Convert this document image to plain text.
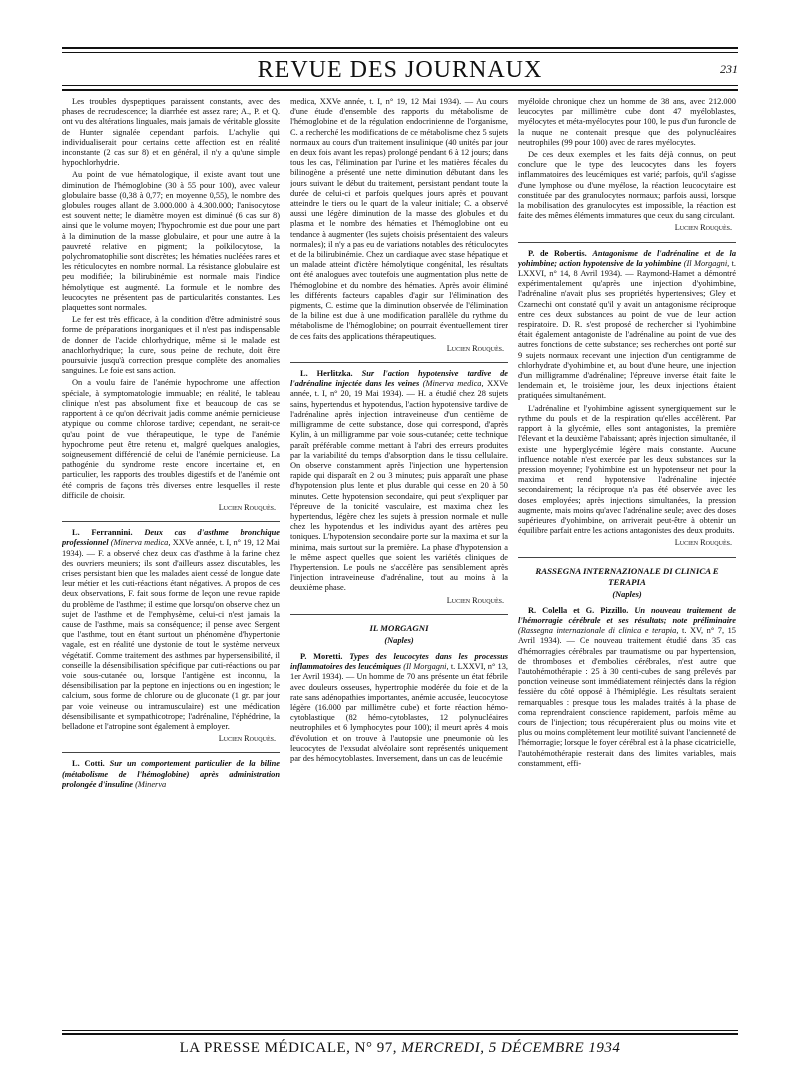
REVUE DES JOURNAUX	231

Les troubles dyspeptiques paraissent constants, avec des phases de recrudescence; la diarrhée est assez rare; A., P. et Q. ont vu des altérations linguales, mais jamais de véritable glossite de Hunter signalée cependant parfois. L'achylie qui individualiserait pour certains cette affection est en réalité inconstante (2 cas sur 8) et en général, il n'y a qu'une simple hypochlorhydrie.

Au point de vue hématologique, il existe avant tout une diminution de l'hémoglobine (30 à 55 pour 100), avec valeur globulaire basse (0,38 à 0,77; en moyenne 0,55), le nombre des globules rouges allant de 3.000.000 à 4.300.000; l'anisocytose est souvent nette; le diamètre moyen est diminué (6 cas sur 8) ainsi que le volume moyen; l'hypochromie est due pour une part à la diminution de la masse globulaire, et pour une autre à la pauvreté relative en pigment; la poïkilocytose, la polychromatophilie sont discrètes; les hématies nucléées rares et les réticulocytes en nombre normal. La résistance globulaire est peu modifiée; la bilirubinémie est normale mais l'indice hémolytique est augmenté. La formule et le nombre des leucocytes ne présentent pas de particularités constantes. Les plaquettes sont normales.

Le fer est très efficace, à la condition d'être administré sous forme de préparations inorganiques et il n'est pas indispensable de donner de l'acide chlorhydrique, même si le malade est anachlorhydrique; la cure, sous peine de rechute, doit être poursuivie jusqu'à correction presque complète des anomalies sanguines. Le foie est sans action.

On a voulu faire de l'anémie hypochrome une affection spéciale, à symptomatologie immuable; en réalité, le tableau clinique n'est pas absolument fixe et beaucoup de cas se rapportent à ce qu'on décrivait jadis comme anémie pernicieuse atypique ou comme chlorose tardive; cependant, ne serait-ce qu'au point de vue thérapeutique, le type de l'anémie hypochrome peut être retenu et, malgré quelques analogies, soigneusement différencié de celui de l'anémie pernicieuse. La pathogénie du syndrome reste encore incertaine et, en particulier, les rapports des troubles digestifs et de l'anémie ont été compris de façons très diverses entre lesquelles il reste difficile de choisir.

Lucien Rouquès.

L. Ferrannini. Deux cas d'asthme bronchique professionnel (Minerva medica, XXVe année, t. I, n° 19, 12 Mai 1934). — F. a observé chez deux cas d'asthme à la farine chez des ouvriers meuniers; ils sont d'ailleurs assez discutables, les crises persistant bien que les malades aient cessé de longue date leur métier et les cuti-réactions étant négatives. A propos de ces deux observations, F. fait sous forme de leçon une revue rapide du problème de l'asthme; il estime que lorsqu'on observe chez un sujet de l'asthme et de l'emphysème, celui-ci n'est jamais la cause de l'asthme, mais sa conséquence; il pense avec Sergent que l'asthme, tout en étant surtout un phénomène d'hypertonie vagale, est en réalité une dystonie de tout le système nerveux végétatif. Comme traitement des asthmes par hypersensibilité, il conseille la désensibilisation spécifique par cuti-réactions ou par voie sous-cutanée ou, lorsque l'antigène est inconnu, la désensibilisation par la peptone en injections ou en ingestion; le calcium, sous forme de chlorure ou de gluconate (1 gr. par jour par voie veineuse ou intramusculaire) est une médication désensibilisante et sympathicotrope; l'adrénaline, l'éphédrine, la belladone et l'atropine sont également à employer.

Lucien Rouquès.

L. Cotti. Sur un comportement particulier de la biline (métabolisme de l'hémoglobine) après administration prolongée d'insuline (Minerva

medica, XXVe année, t. I, n° 19, 12 Mai 1934). — Au cours d'une étude d'ensemble des rapports du métabolisme de l'hémoglobine et de la régulation endocrinienne de l'organisme, C. a recherché les modifications de ce métabolisme chez 5 sujets normaux au cours d'un traitement insulinique (40 unités par jour en deux fois avant les repas) prolongé pendant 6 à 12 jours; dans tous les cas, l'élimination par l'urine et les matières fécales du bilinogène a présenté une nette diminution débutant dans les jours suivant le début du traitement, persistant pendant toute la durée de celui-ci et parfois quelques jours après et pouvant atteindre le tiers ou le quart de la valeur initiale; C. a observé aussi une légère diminution de la masse des globules et du plasma et le nombre des hématies et l'hémoglobine ont eu tendance à augmenter (les sujets choisis présentaient des valeurs normales); il n'y a pas eu de variations notables des réticulocytes et de la bilirubinémie. Chez un cardiaque avec stase hépatique et un malade atteint d'ictère hémolytique congénital, les résultats ont été analogues avec toutefois une augmentation plus nette de l'hémoglobine et du nombre des hématies. Après avoir éliminé les différents facteurs capables d'agir sur l'élimination des pigments, C. estime que la diminution observée de l'élimination de la biline est due à une modification parallèle du rythme du métabolisme de l'hémoglobine; on pourrait éventuellement tirer de ces faits des applications thérapeutiques.

Lucien Rouquès.

L. Herlitzka. Sur l'action hypotensive tardive de l'adrénaline injectée dans les veines (Minerva medica, XXVe année, t. I, n° 20, 19 Mai 1934). — H. a étudié chez 28 sujets sains, hypertendus et hypotendus, l'action hypotensive tardive de l'adrénaline après injection intraveineuse d'un centième de milligramme de cette substance, dose qui correspond, d'après Kylin, à un milligramme par voie sous-cutanée; cette technique paraît préférable comme mettant à l'abri des erreurs produites par la variabilité du temps d'absorption dans le tissu cellulaire. On observe constamment après l'injection une hypertension rapide qui disparaît en 2 ou 3 minutes; puis apparaît une phase d'hypotension plus lente et plus durable qui cesse en 20 à 50 minutes. Cette hypotension secondaire, qui peut s'expliquer par l'épreuve de la tonicité vasculaire, est maxima chez les hypertendus, légère chez les sujets à pression normale et nulle chez les hypotendus et les individus ayant des artères peu toniques. L'hypotension secondaire porte sur la maxima et sur la minima, mais surtout sur la première. La phase d'hypotension a le même aspect quelles que soient les variétés cliniques de l'hypertension. Le pouls ne s'accélère pas sensiblement après l'injection intraveineuse d'adrénaline, tout au moins à la deuxième phase.

Lucien Rouquès.
IL MORGAGNI
(Naples)

P. Moretti. Types des leucocytes dans les processus inflammatoires des leucémiques (Il Morgagni, t. LXXVI, n° 13, 1er Avril 1934). — Un homme de 70 ans présente un état fébrile avec douleurs osseuses, hypertrophie modérée du foie et de la rate sans adénopathies importantes, anémie accusée, leucocytose légère (16.000 par millimètre cube) et forte réaction hémo-cytoblastique (82 hémo-cytoblastes, 12 polynucléaires neutrophiles et 6 lymphocytes pour 100); il meurt après 4 mois d'évolution et on trouve à l'autopsie une pneumonie où les leucocytes de l'exsudat alvéolaire sont représentés uniquement par des hémocytoblastes. Inversement, dans un cas de leucémie

myéloïde chronique chez un homme de 38 ans, avec 212.000 leucocytes par millimètre cube dont 47 myéloblastes, myélocytes et méta-myélocytes pour 100, le pus d'un furoncle de la nuque ne contenait presque que des polynucléaires neutrophiles (99 pour 100) avec de rares myélocytes.

De ces deux exemples et les faits déjà connus, on peut conclure que le type des leucocytes dans les foyers inflammatoires des leucémiques est varié; parfois, qu'il s'agisse d'une lymphose ou d'une myélose, la réaction leucocytaire est constituée par des granulocytes normaux; parfois aussi, lorsque la mobilisation des granulocytes est impossible, la réaction est faite des mêmes éléments immatures que ceux du sang circulant.

Lucien Rouquès.

P. de Robertis. Antagonisme de l'adrénaline et de la yohimbine; action hypotensive de la yohimbine (Il Morgagni, t. LXXVI, n° 14, 8 Avril 1934). — Raymond-Hamet a démontré expérimentalement qu'après une injection d'yohimbine, l'adrénaline n'avait plus ses propriétés hypertensives; Gley et Czarnechi ont constaté qu'il y avait un antagonisme réciproque entre ces deux substances au point de vue de leur action respiratoire. D. R. s'est proposé de rechercher si l'yohimbine était également antagoniste de l'adrénaline au point de vue des autres fonctions de cette substance; ses recherches ont porté sur 9 sujets normaux recevant une injection d'un centigramme de chlorhydrate d'yohimbine et, au bout d'une heure, une injection d'un milligramme d'adrénaline; l'épreuve inverse était faite le lendemain et, le troisième jour, les deux injections étaient pratiquées simultanément.

L'adrénaline et l'yohimbine agissent synergiquement sur le rythme du pouls et de la respiration qu'elles accélèrent. Par rapport à la glycémie, elles sont antagonistes, la première l'élevant et la deuxième l'abaissant; après injection simultanée, il existe une hyperglycémie légère mais constante. Aucune influence notable n'est exercée par les deux substances sur la pression moyenne; l'yohimbine est un hypotenseur net pour la maxima et rend hypotensive l'adrénaline injectée secondairement; la réciproque n'a pas été observée avec les doses employées; après injections simultanées, la pression augmente, mais moins qu'avec l'adrénaline seule; avec des doses supérieures d'yohimbine, on arriverait peut-être à obtenir un équilibre parfait entre les actions antagonistes des deux produits.

Lucien Rouquès.
RASSEGNA INTERNAZIONALE DI CLINICA E TERAPIA
(Naples)

R. Colella et G. Pizzillo. Un nouveau traitement de l'hémorragie cérébrale et ses résultats; note préliminaire (Rassegna internazionale di clinica e terapia, t. XV, n° 7, 15 Avril 1934). — Ce nouveau traitement étudié dans 35 cas d'hémorragies cérébrales par traumatisme ou par hypertension, de thromboses et d'embolies cérébrales, n'est autre que l'autohémothérapie : 25 à 30 centi-cubes de sang prélevés par ponction veineuse sont immédiatement réinjectés dans la région fessière du côté opposé à l'hémiplégie. Les résultats seraient remarquables : presque tous les malades traités à la phase de coma reprendraient conscience rapidement, parfois même au cours de l'injection; tous récupéreraient plus ou moins vite et plus ou moins complètement leur motilité suivant l'ancienneté de l'hémorragie; lorsque le foyer cérébral est à la phase cicatricielle, l'autohémothérapie resterait dans des limites variables, mais constamment, effi-

LA PRESSE MÉDICALE, N° 97, MERCREDI, 5 DÉCEMBRE 1934
